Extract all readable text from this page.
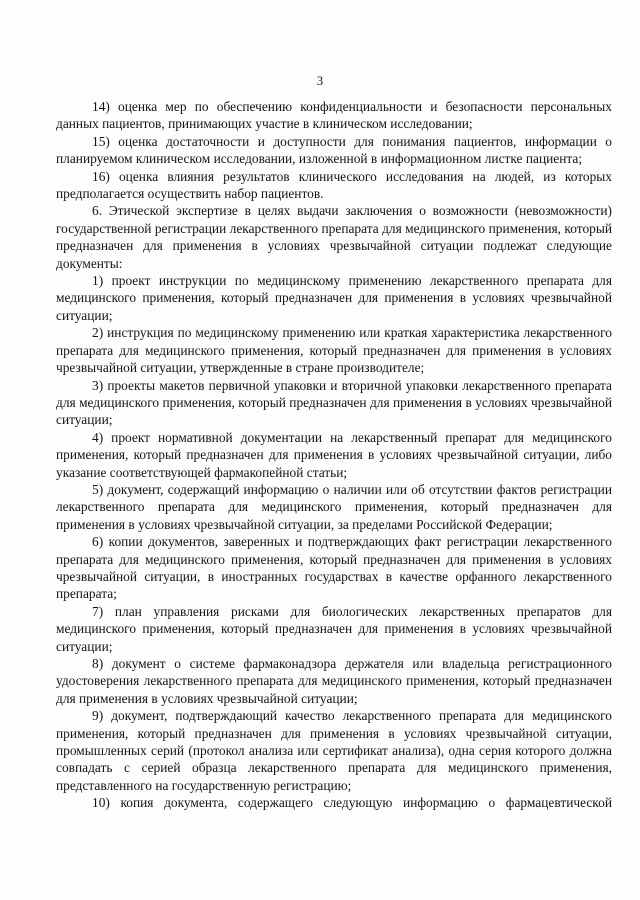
3

14) оценка мер по обеспечению конфиденциальности и безопасности персональных данных пациентов, принимающих участие в клиническом исследовании;

15) оценка достаточности и доступности для понимания пациентов, информации о планируемом клиническом исследовании, изложенной в информационном листке пациента;

16) оценка влияния результатов клинического исследования на людей, из которых предполагается осуществить набор пациентов.

6. Этической экспертизе в целях выдачи заключения о возможности (невозможности) государственной регистрации лекарственного препарата для медицинского применения, который предназначен для применения в условиях чрезвычайной ситуации подлежат следующие документы:

1) проект инструкции по медицинскому применению лекарственного препарата для медицинского применения, который предназначен для применения в условиях чрезвычайной ситуации;

2) инструкция по медицинскому применению или краткая характеристика лекарственного препарата для медицинского применения, который предназначен для применения в условиях чрезвычайной ситуации, утвержденные в стране производителе;

3) проекты макетов первичной упаковки и вторичной упаковки лекарственного препарата для медицинского применения, который предназначен для применения в условиях чрезвычайной ситуации;

4) проект нормативной документации на лекарственный препарат для медицинского применения, который предназначен для применения в условиях чрезвычайной ситуации, либо указание соответствующей фармакопейной статьи;

5) документ, содержащий информацию о наличии или об отсутствии фактов регистрации лекарственного препарата для медицинского применения, который предназначен для применения в условиях чрезвычайной ситуации, за пределами Российской Федерации;

6) копии документов, заверенных и подтверждающих факт регистрации лекарственного препарата для медицинского применения, который предназначен для применения в условиях чрезвычайной ситуации, в иностранных государствах в качестве орфанного лекарственного препарата;

7) план управления рисками для биологических лекарственных препаратов для медицинского применения, который предназначен для применения в условиях чрезвычайной ситуации;

8) документ о системе фармаконадзора держателя или владельца регистрационного удостоверения лекарственного препарата для медицинского применения, который предназначен для применения в условиях чрезвычайной ситуации;

9) документ, подтверждающий качество лекарственного препарата для медицинского применения, который предназначен для применения в условиях чрезвычайной ситуации, промышленных серий (протокол анализа или сертификат анализа), одна серия которого должна совпадать с серией образца лекарственного препарата для медицинского применения, представленного на государственную регистрацию;

10) копия документа, содержащего следующую информацию о фармацевтической
